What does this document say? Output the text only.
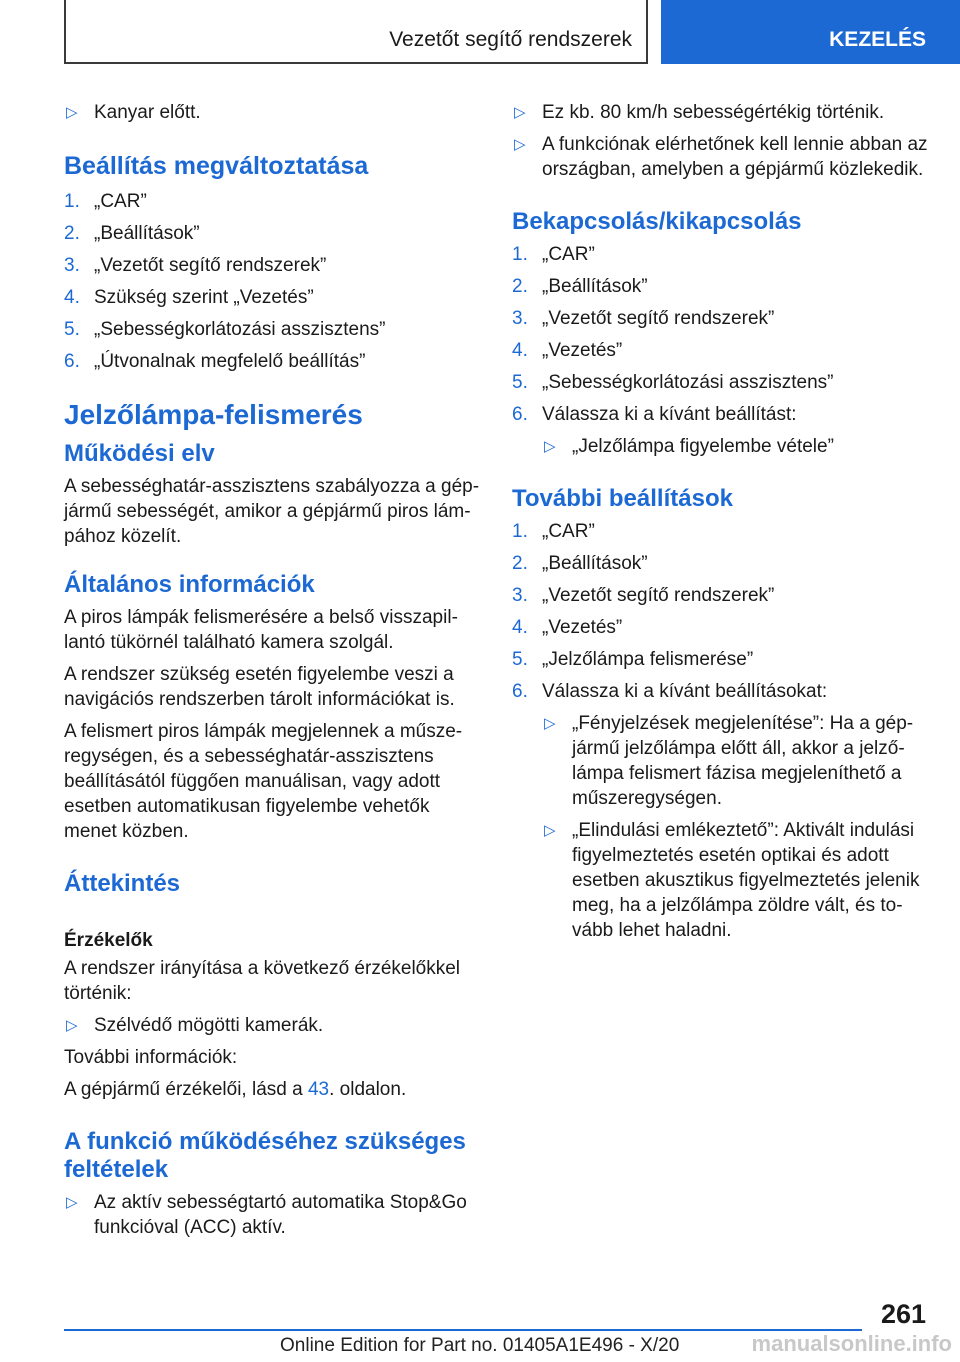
Vezetőt segítő rendszerek	KEZELÉS
▷ Kanyar előtt.
Beállítás megváltoztatása
1. „CAR”
2. „Beállítások”
3. „Vezetőt segítő rendszerek”
4. Szükség szerint „Vezetés”
5. „Sebességkorlátozási asszisztens”
6. „Útvonalnak megfelelő beállítás”
Jelzőlámpa-felismerés
Működési elv

A sebességhatár-asszisztens szabályozza a gépjármű sebességét, amikor a gépjármű piros lámpához közelít.

Általános információk

A piros lámpák felismerésére a belső visszapillantó tükörnél található kamera szolgál.

A rendszer szükség esetén figyelembe veszi a navigációs rendszerben tárolt információkat is.

A felismert piros lámpák megjelennek a műszeregységen, és a sebességhatár-asszisztens beállításától függően manuálisan, vagy adott esetben automatikusan figyelembe vehetők menet közben.

Áttekintés
Érzékelők

A rendszer irányítása a következő érzékelőkkel történik:

▷ Szélvédő mögötti kamerák.

További információk:

A gépjármű érzékelői, lásd a 43. oldalon.

A funkció működéséhez szükséges feltételek
▷ Az aktív sebességtartó automatika Stop&Go funkcióval (ACC) aktív.
▷ Ez kb. 80 km/h sebességértékig történik.
▷ A funkciónak elérhetőnek kell lennie abban az országban, amelyben a gépjármű közlekedik.
Bekapcsolás/kikapcsolás
1. „CAR”
2. „Beállítások”
3. „Vezetőt segítő rendszerek”
4. „Vezetés”
5. „Sebességkorlátozási asszisztens”
6. Válassza ki a kívánt beállítást:
▷ „Jelzőlámpa figyelembe vétele”
További beállítások
1. „CAR”
2. „Beállítások”
3. „Vezetőt segítő rendszerek”
4. „Vezetés”
5. „Jelzőlámpa felismerése”
6. Válassza ki a kívánt beállításokat:
▷ „Fényjelzések megjelenítése”: Ha a gépjármű jelzőlámpa előtt áll, akkor a jelzőlámpa felismert fázisa megjeleníthető a műszeregységen.
▷ „Elindulási emlékeztető”: Aktivált indulási figyelmeztetés esetén optikai és adott esetben akusztikus figyelmeztetés jelenik meg, ha a jelzőlámpa zöldre vált, és tovább lehet haladni.
261
Online Edition for Part no. 01405A1E496 - X/20	manualsonline.info
